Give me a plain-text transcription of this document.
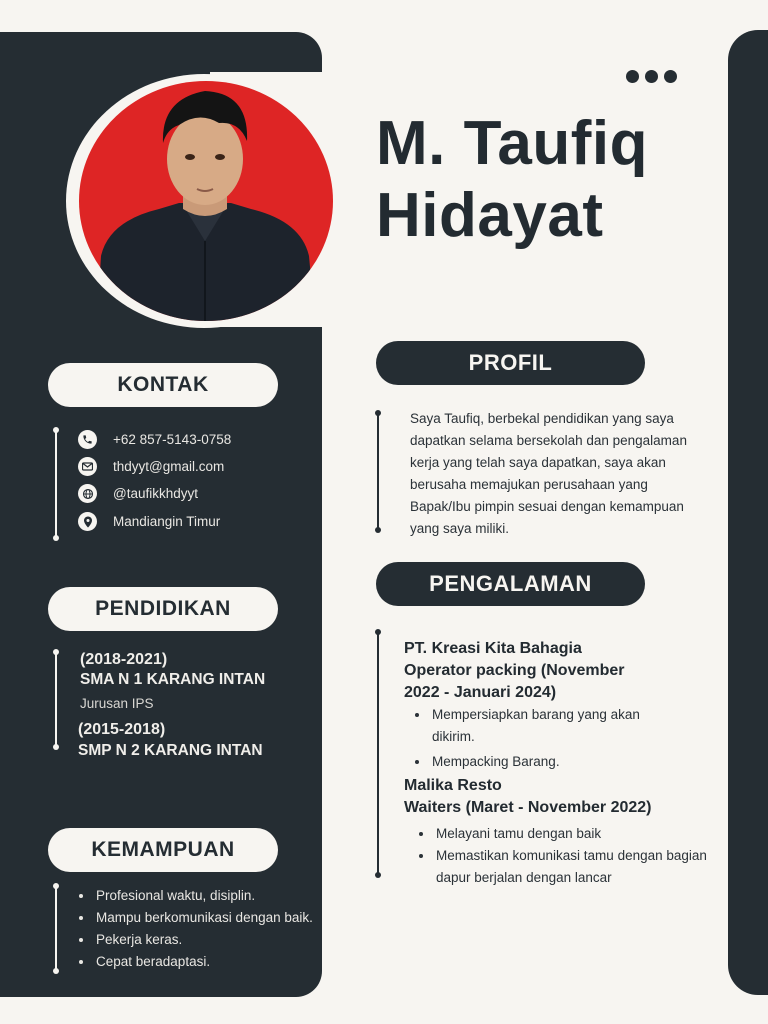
M. Taufiq
Hidayat
KONTAK
+62 857-5143-0758
thdyyt@gmail.com
@taufikkhdyyt
Mandiangin Timur
PENDIDIKAN
(2018-2021)
SMA N 1 KARANG INTAN
Jurusan IPS
(2015-2018)
SMP N 2 KARANG INTAN
KEMAMPUAN
• Profesional waktu, disiplin.
• Mampu berkomunikasi dengan baik.
• Pekerja keras.
• Cepat beradaptasi.
PROFIL
Saya Taufiq, berbekal pendidikan yang saya dapatkan selama bersekolah dan pengalaman kerja yang telah saya dapatkan, saya akan berusaha memajukan perusahaan yang Bapak/Ibu pimpin sesuai dengan kemampuan yang saya miliki.
PENGALAMAN
PT. Kreasi Kita Bahagia
Operator packing (November 2022 - Januari 2024)
• Mempersiapkan barang yang akan dikirim.
• Mempacking Barang.
Malika Resto
Waiters (Maret - November 2022)
• Melayani tamu dengan baik
• Memastikan komunikasi tamu dengan bagian dapur berjalan dengan lancar
